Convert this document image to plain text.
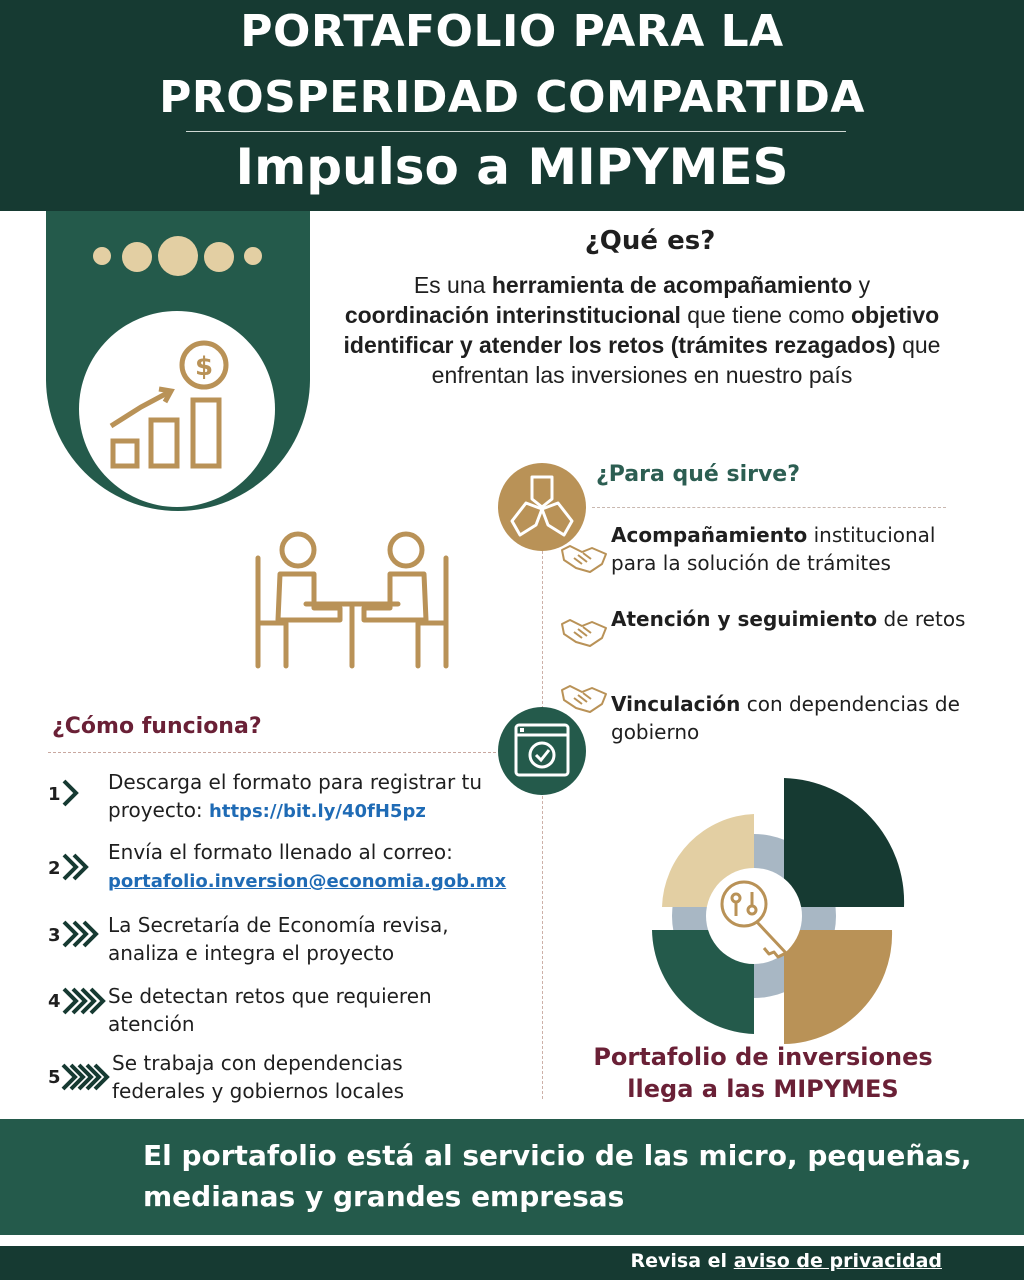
PORTAFOLIO PARA LA
PROSPERIDAD COMPARTIDA
Impulso a MIPYMES
$
¿Qué es?
Es una herramienta de acompañamiento y coordinación interinstitucional que tiene como objetivo identificar y atender los retos (trámites rezagados) que enfrentan las inversiones en nuestro país
¿Para qué sirve?
Acompañamiento institucional para la solución de trámites
Atención y seguimiento de retos
Vinculación con dependencias de gobierno
¿Cómo funciona?
1
Descarga el formato para registrar tu proyecto: https://bit.ly/40fH5pz
2
Envía el formato llenado al correo: portafolio.inversion@economia.gob.mx
3 La Secretaría de Economía revisa, analiza e integra el proyecto
4 Se detectan retos que requieren atención
5
Se trabaja con dependencias federales y gobiernos locales
Portafolio de inversiones llega a las MIPYMES
El portafolio está al servicio de las micro, pequeñas, medianas y grandes empresas
Revisa el aviso de privacidad
